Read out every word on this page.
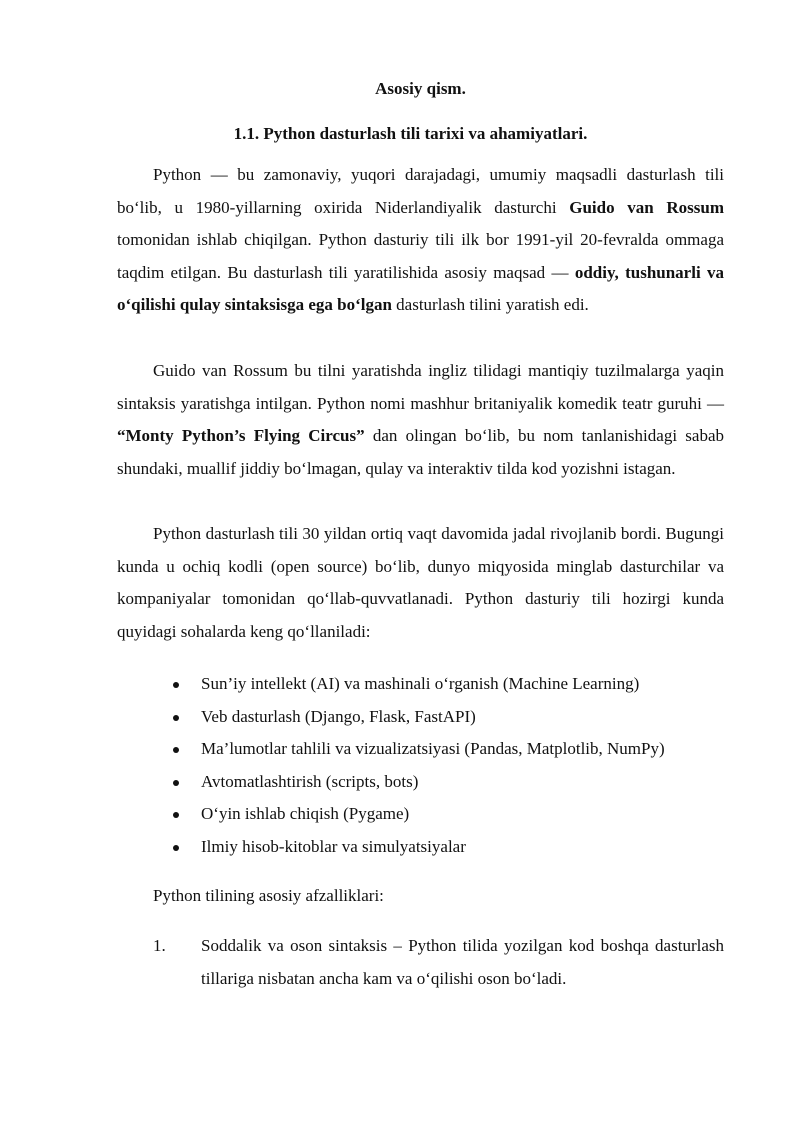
Asosiy qism.
1.1. Python dasturlash tili tarixi va ahamiyatlari.

Python — bu zamonaviy, yuqori darajadagi, umumiy maqsadli dasturlash tili bo‘lib, u 1980-yillarning oxirida Niderlandiyalik dasturchi Guido van Rossum tomonidan ishlab chiqilgan. Python dasturiy tili ilk bor 1991-yil 20-fevralda ommaga taqdim etilgan. Bu dasturlash tili yaratilishida asosiy maqsad — oddiy, tushunarli va o‘qilishi qulay sintaksisga ega bo‘lgan dasturlash tilini yaratish edi.

Guido van Rossum bu tilni yaratishda ingliz tilidagi mantiqiy tuzilmalarga yaqin sintaksis yaratishga intilgan. Python nomi mashhur britaniyalik komedik teatr guruhi — “Monty Python’s Flying Circus” dan olingan bo‘lib, bu nom tanlanishidagi sabab shundaki, muallif jiddiy bo‘lmagan, qulay va interaktiv tilda kod yozishni istagan.

Python dasturlash tili 30 yildan ortiq vaqt davomida jadal rivojlanib bordi. Bugungi kunda u ochiq kodli (open source) bo‘lib, dunyo miqyosida minglab dasturchilar va kompaniyalar tomonidan qo‘llab-quvvatlanadi. Python dasturiy tili hozirgi kunda quyidagi sohalarda keng qo‘llaniladi:

Sun’iy intellekt (AI) va mashinali o‘rganish (Machine Learning)
Veb dasturlash (Django, Flask, FastAPI)
Ma’lumotlar tahlili va vizualizatsiyasi (Pandas, Matplotlib, NumPy)
Avtomatlashtirish (scripts, bots)
O‘yin ishlab chiqish (Pygame)
Ilmiy hisob-kitoblar va simulyatsiyalar
Python tilining asosiy afzalliklari:
1. Soddalik va oson sintaksis – Python tilida yozilgan kod boshqa dasturlash tillariga nisbatan ancha kam va o‘qilishi oson bo‘ladi.
